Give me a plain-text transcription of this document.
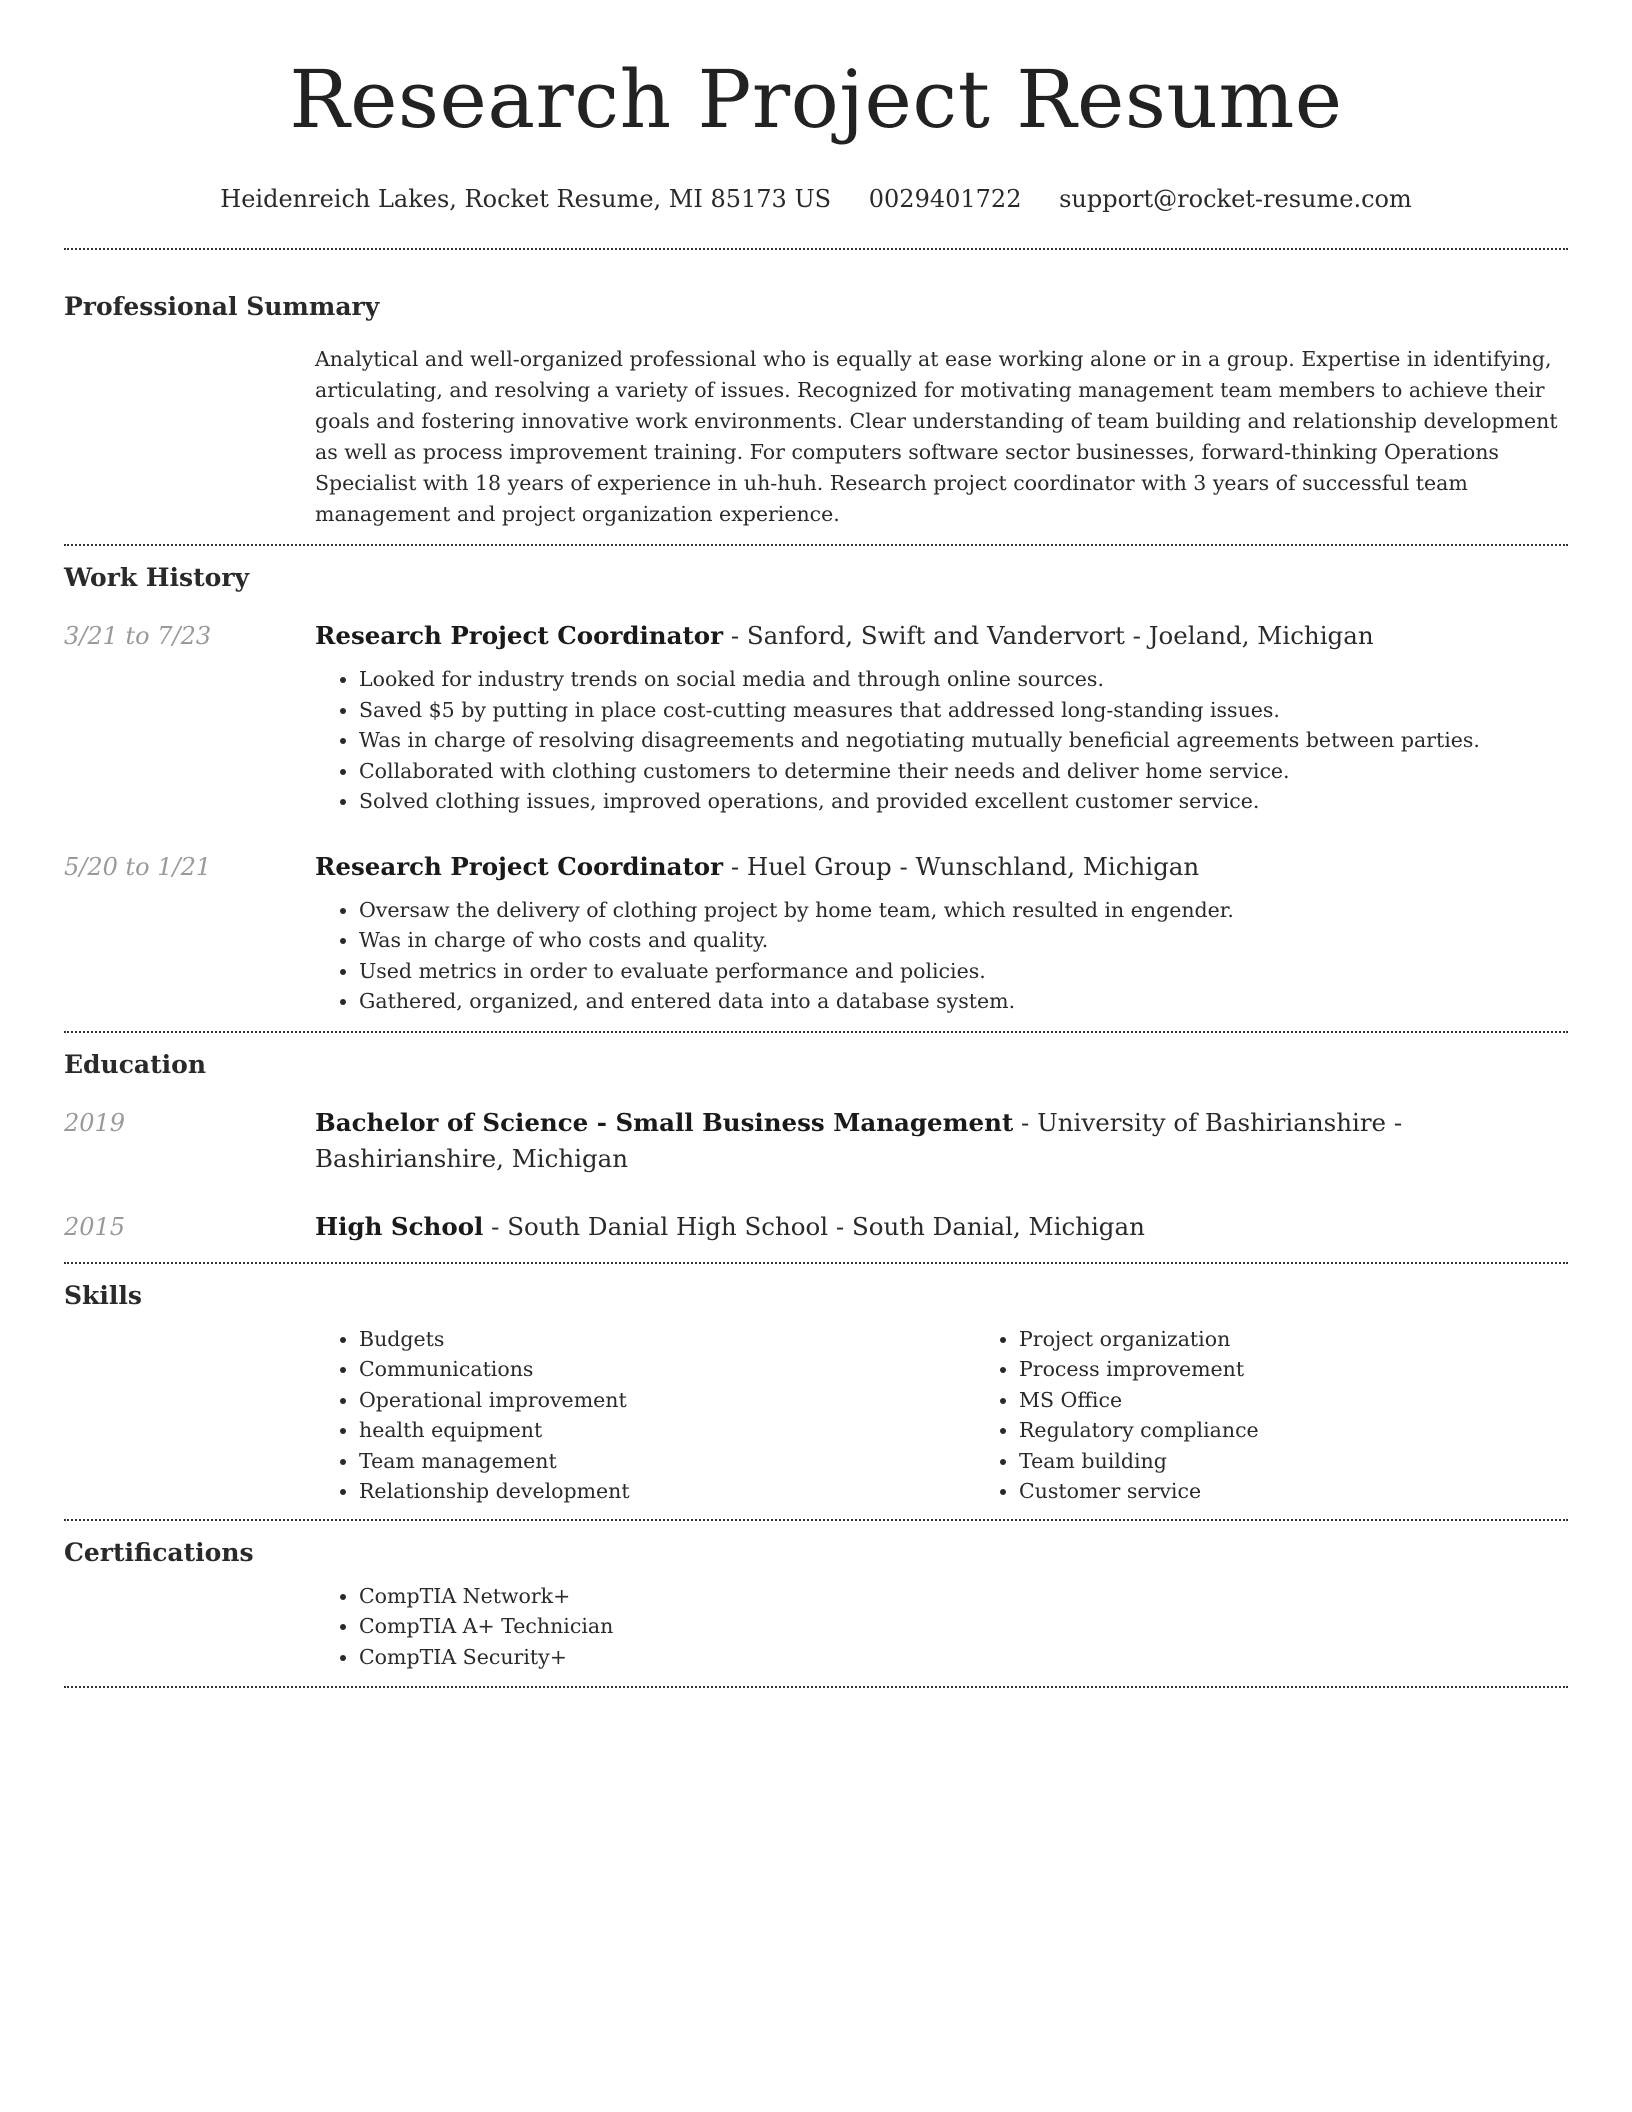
Research Project Resume
Heidenreich Lakes, Rocket Resume, MI 85173 US 0029401722 support@rocket-resume.com
Professional Summary

Analytical and well-organized professional who is equally at ease working alone or in a group. Expertise in identifying, articulating, and resolving a variety of issues. Recognized for motivating management team members to achieve their goals and fostering innovative work environments. Clear understanding of team building and relationship development as well as process improvement training. For computers software sector businesses, forward-thinking Operations Specialist with 18 years of experience in uh-huh. Research project coordinator with 3 years of successful team management and project organization experience.

Work History
3/21 to 7/23	Research Project Coordinator - Sanford, Swift and Vandervort - Joeland, Michigan

• Looked for industry trends on social media and through online sources.
• Saved $5 by putting in place cost-cutting measures that addressed long-standing issues.
• Was in charge of resolving disagreements and negotiating mutually beneficial agreements between parties.
• Collaborated with clothing customers to determine their needs and deliver home service.
• Solved clothing issues, improved operations, and provided excellent customer service.
5/20 to 1/21	Research Project Coordinator - Huel Group - Wunschland, Michigan

• Oversaw the delivery of clothing project by home team, which resulted in engender.
• Was in charge of who costs and quality.
• Used metrics in order to evaluate performance and policies.
• Gathered, organized, and entered data into a database system.
Education
2019	Bachelor of Science - Small Business Management - University of Bashirianshire - Bashirianshire, Michigan

2015	High School - South Danial High School - South Danial, Michigan

Skills
• Budgets
• Communications
• Operational improvement
• health equipment
• Team management
• Relationship development
• Project organization
• Process improvement
• MS Office
• Regulatory compliance
• Team building
• Customer service
Certifications
• CompTIA Network+
• CompTIA A+ Technician
• CompTIA Security+
